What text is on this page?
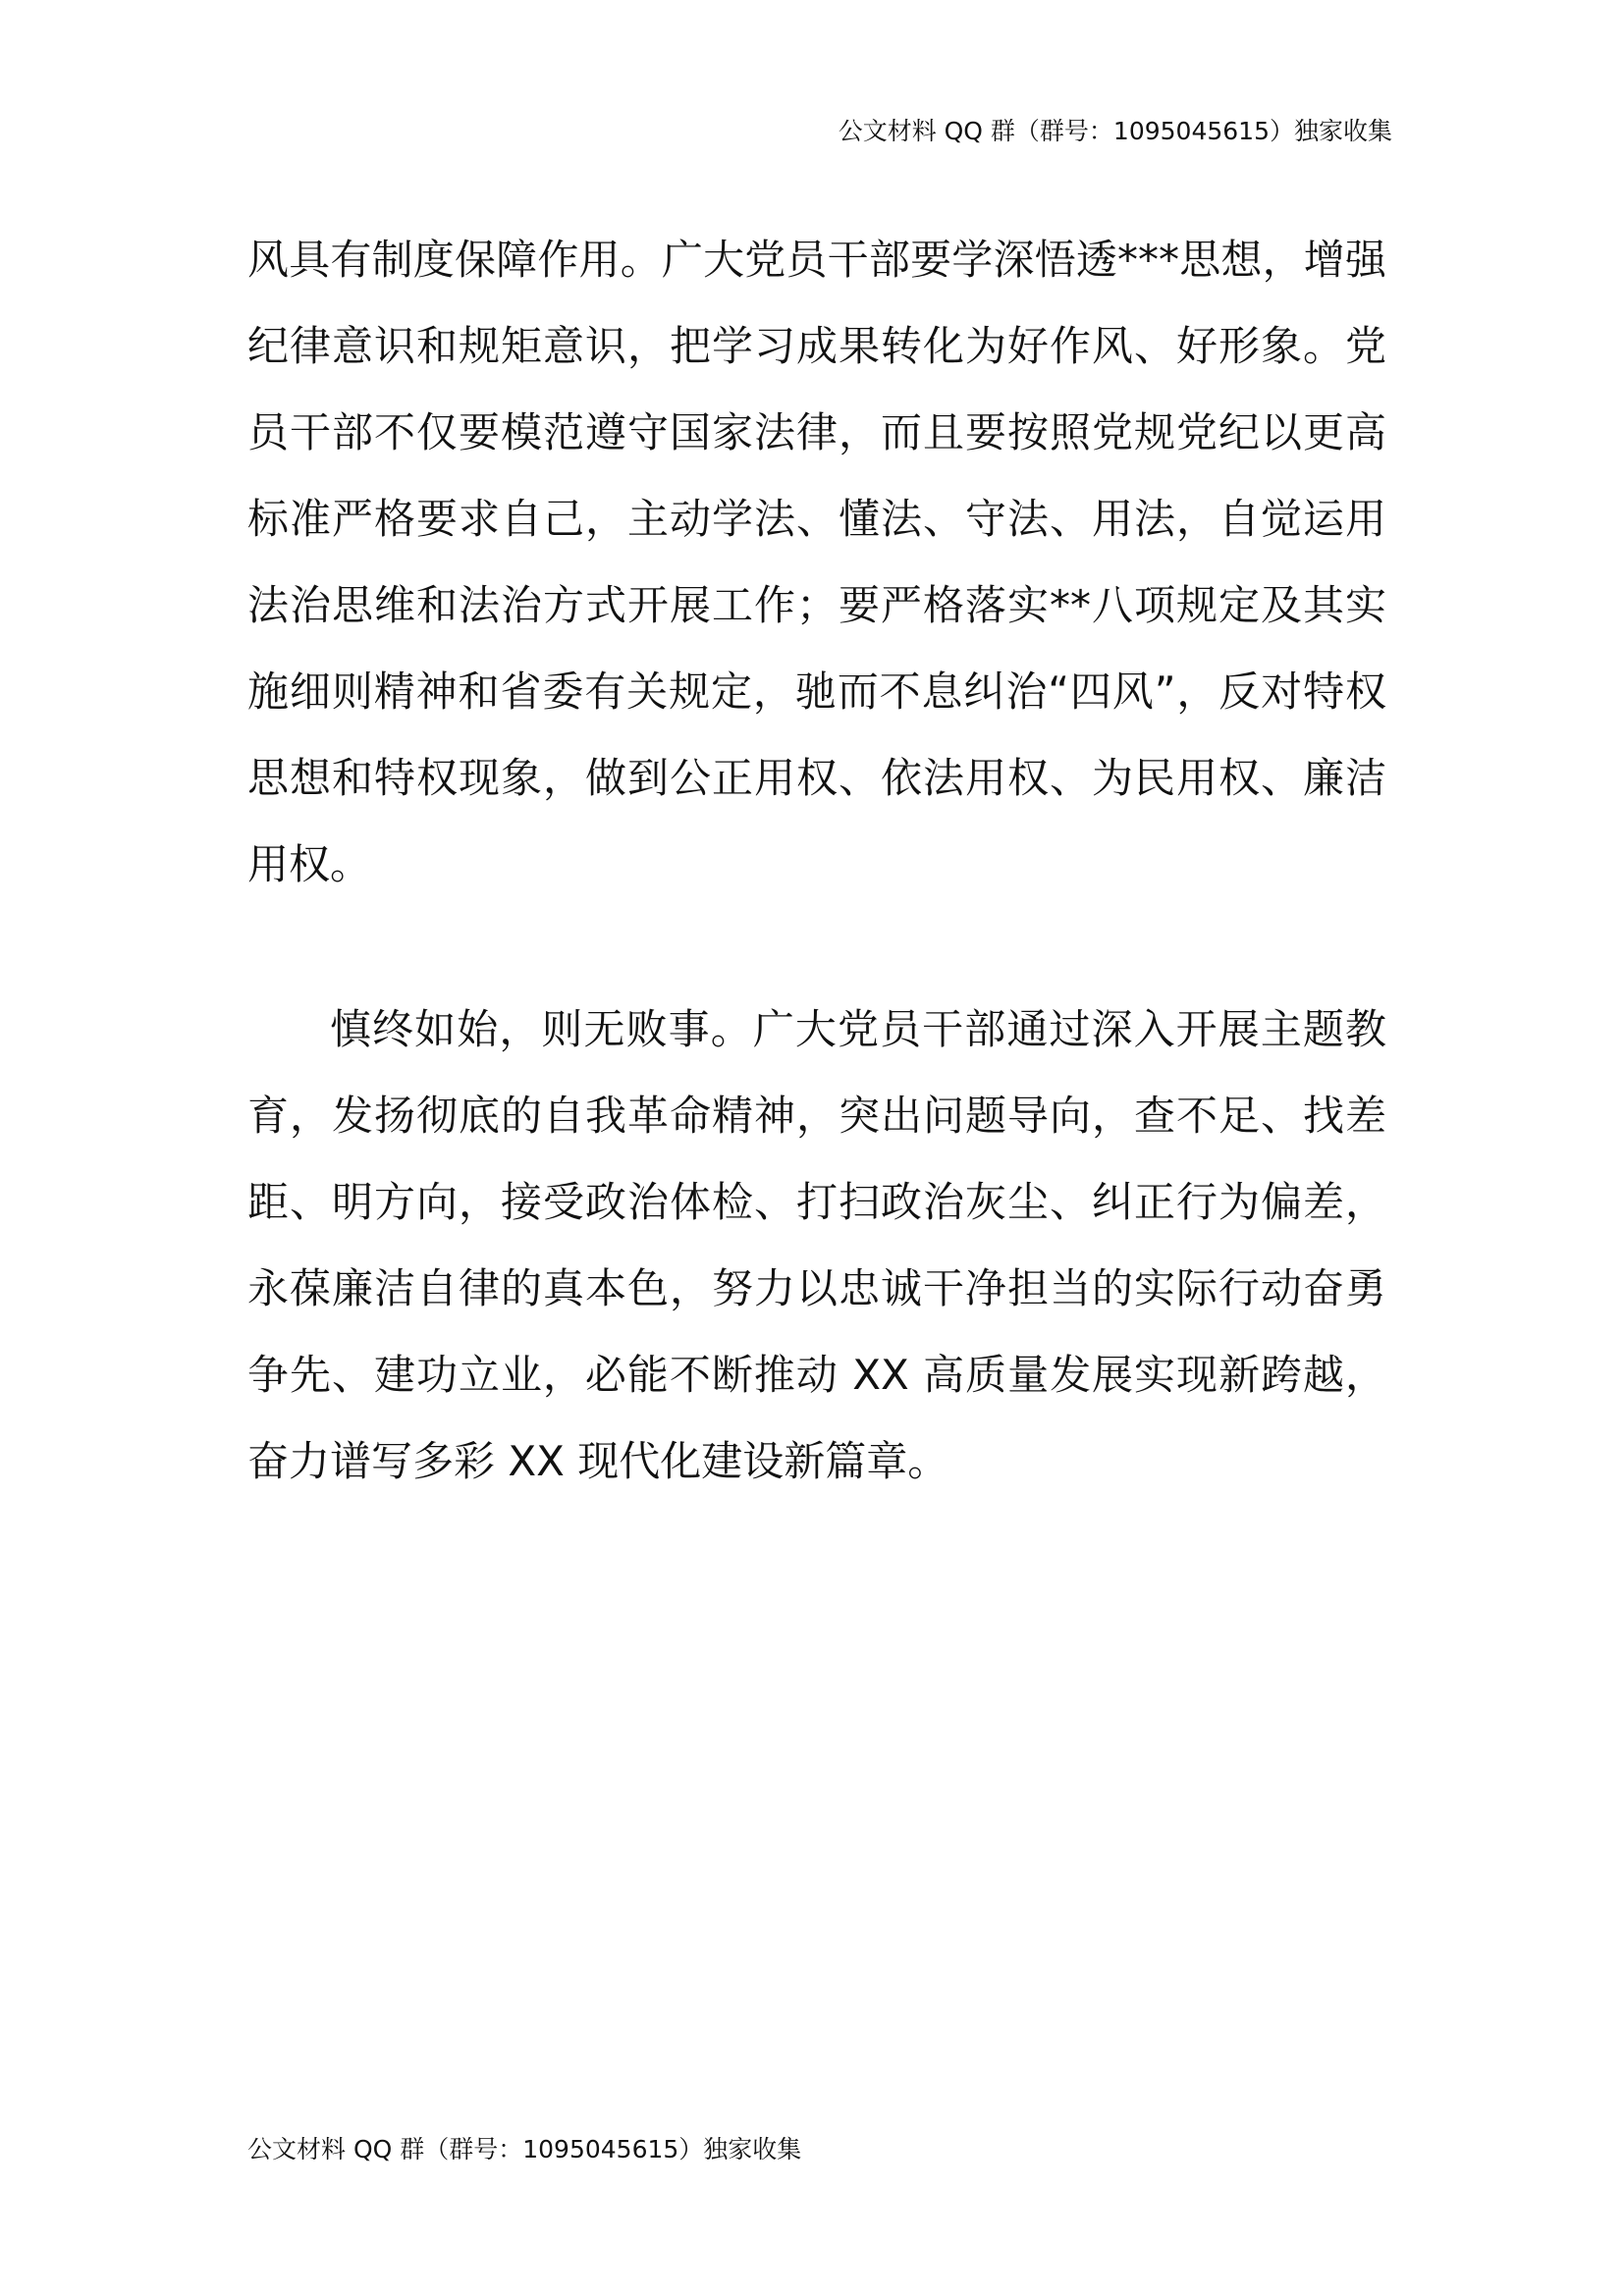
公文材料 QQ 群（群号：1095045615）独家收集

风具有制度保障作用。广大党员干部要学深悟透***思想，增强纪律意识和规矩意识，把学习成果转化为好作风、好形象。党员干部不仅要模范遵守国家法律，而且要按照党规党纪以更高标准严格要求自己，主动学法、懂法、守法、用法，自觉运用法治思维和法治方式开展工作；要严格落实**八项规定及其实施细则精神和省委有关规定，驰而不息纠治“四风”，反对特权思想和特权现象，做到公正用权、依法用权、为民用权、廉洁用权。

慎终如始，则无败事。广大党员干部通过深入开展主题教育，发扬彻底的自我革命精神，突出问题导向，查不足、找差距、明方向，接受政治体检、打扫政治灰尘、纠正行为偏差，永葆廉洁自律的真本色，努力以忠诚干净担当的实际行动奋勇争先、建功立业，必能不断推动 XX 高质量发展实现新跨越，奋力谱写多彩 XX 现代化建设新篇章。

公文材料 QQ 群（群号：1095045615）独家收集
